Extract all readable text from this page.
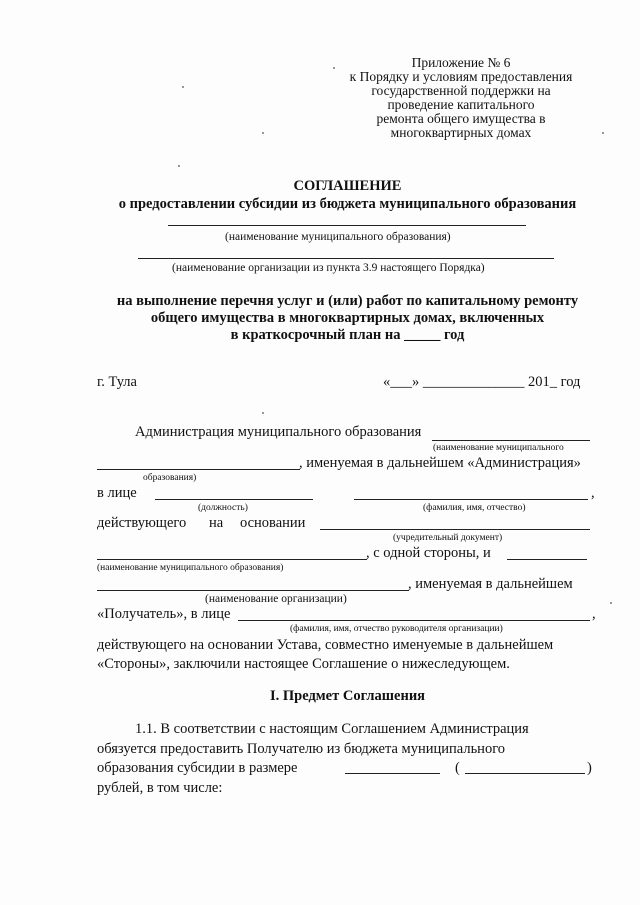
Приложение № 6
к Порядку и условиям предоставления
государственной поддержки на
проведение капитального
ремонта общего имущества в
многоквартирных домах
СОГЛАШЕНИЕ
о предоставлении субсидии из бюджета муниципального образования
(наименование муниципального образования)
(наименование организации из пункта 3.9 настоящего Порядка)
на выполнение перечня услуг и (или) работ по капитальному ремонту
общего имущества в многоквартирных домах, включенных
в краткосрочный план на _____ год
г. Тула	«___» ______________ 201_ год
Администрация муниципального образования
(наименование муниципального
, именуемая в дальнейшем «Администрация»
образования)
в лице	,
(должность)	(фамилия, имя, отчество)
действующего на основании
(учредительный документ)
, с одной стороны, и
(наименование муниципального образования)
, именуемая в дальнейшем
(наименование организации)
«Получатель», в лице	,
(фамилия, имя, отчество руководителя организации)
действующего на основании Устава, совместно именуемые в дальнейшем
«Стороны», заключили настоящее Соглашение о нижеследующем.
I. Предмет Соглашения
1.1. В соответствии с настоящим Соглашением Администрация
обязуется предоставить Получателю из бюджета муниципального
образования субсидии в размере	(	)
рублей, в том числе:
